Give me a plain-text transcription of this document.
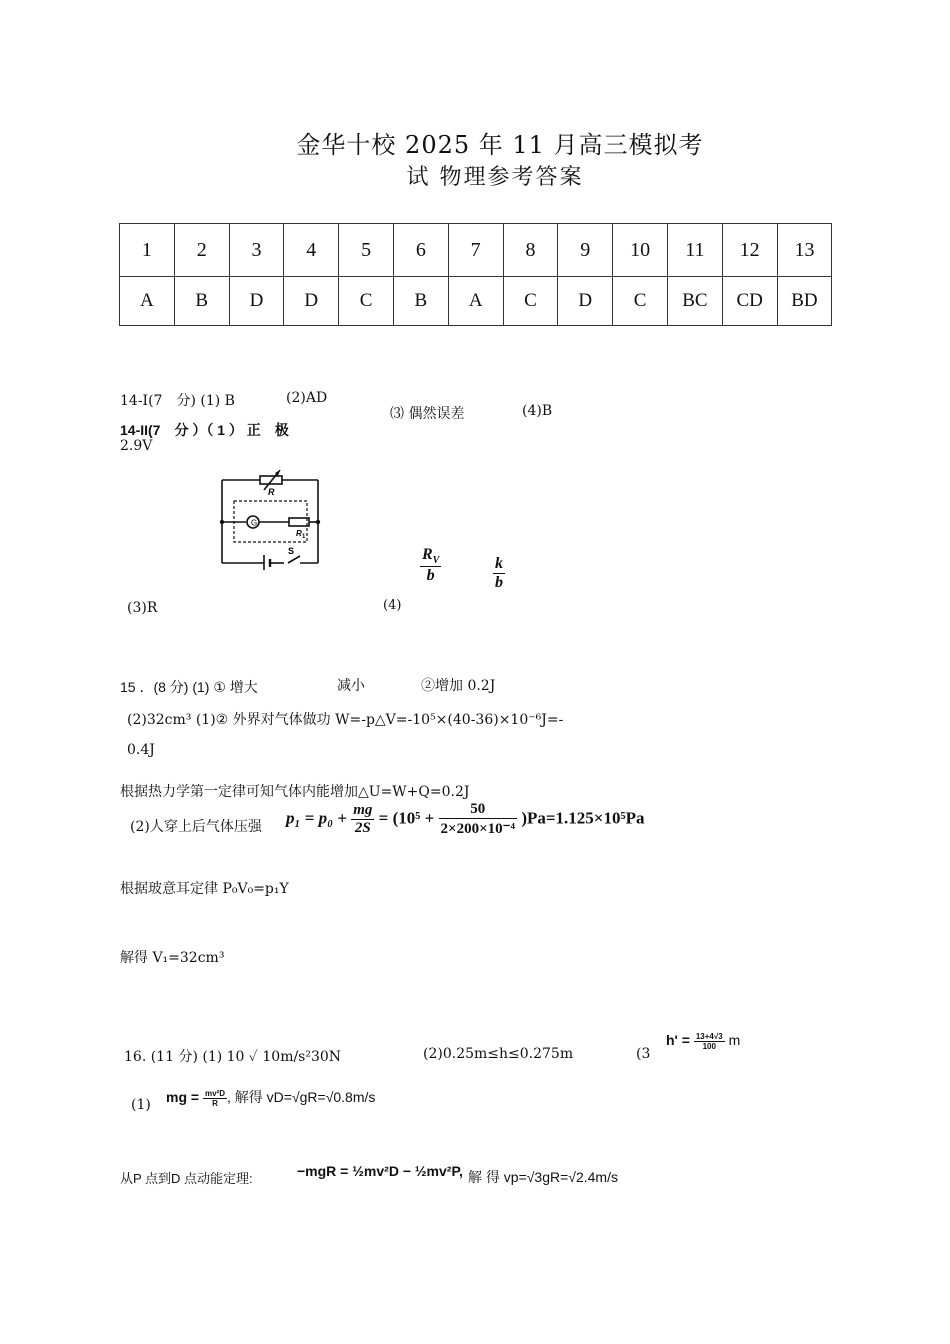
金华十校 2025 年 11 月高三模拟考
试 物理参考答案
1	2	3	4	5	6	7	8	9	10	11	12	13
A	B	D	D	C	B	A	C	D	C	BC	CD	BD
14-I(7　分) (1) B	(2)AD
⑶ 偶然误差	(4)B
14-II(7　分 ）（ 1 ） 正　极
2.9V
G
R
R 1
S
(3)R	(4)
$\frac{R_V}{b}$	$\frac{k}{b}$
15 ．(8 分) (1) ① 增大	减小	②增加 0.2J
(2)32cm³ (1)② 外界对气体做功 W=-p△V=-10⁵×(40-36)×10⁻⁶J=-
0.4J
根据热力学第一定律可知气体内能增加△U=W+Q=0.2J
(2)人穿上后气体压强 $p_1 = p_0 + \frac{mg}{2S} = (10^5 + \frac{50}{\text{2×200×10⁻⁴}} )Pa=1.125\times 10^5Pa$
根据玻意耳定律 P₀V₀=p₁Y
解得 V₁=32cm³
16. (11 分) (1) 10 ✓ 10m/s²30N	(2)0.25m≤h≤0.275m	(3
$h' = \frac{13+4√3}{100}$ m
(1) mg = $\frac{\text{mv²D}}{R}$ , 解得 vD=√gR=√0.8m/s
从P 点到D 点动能定理:	−mgR = ½mv²D − ½mv²P, 解 得 vp=√3gR=√2.4m/s
